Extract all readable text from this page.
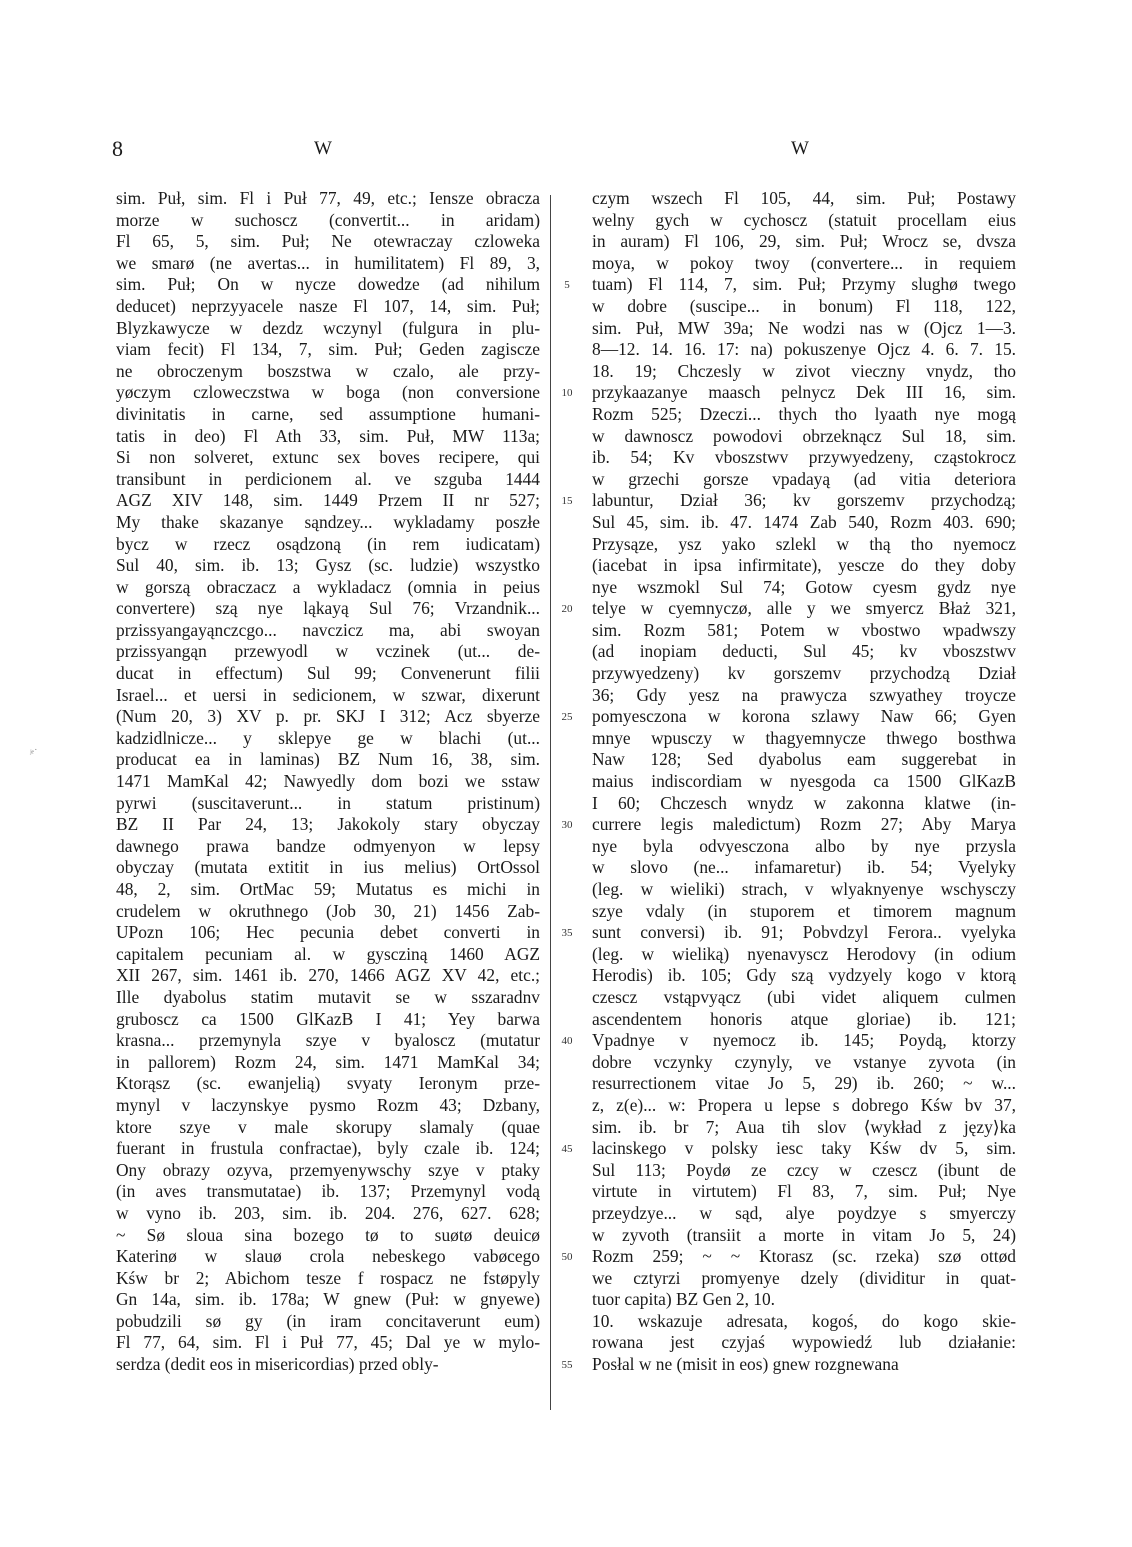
8	W	W
ʲᵉ˙
sim. Puł, sim. Fl i Puł 77, 49, etc.; Iensze obracza
morze w suchoscz (convertit... in aridam)
Fl 65, 5, sim. Puł; Ne otewraczay czloweka
we smarø (ne avertas... in humilitatem) Fl 89, 3,
sim. Puł; On w nycze dowedze (ad nihilum
deducet) neprzyyacele nasze Fl 107, 14, sim. Puł;
Blyzkawycze w dezdz wczynyl (fulgura in plu-
viam fecit) Fl 134, 7, sim. Puł; Geden zagiscze
ne obroczenym boszstwa w czalo, ale przy-
yøczym czloweczstwa w boga (non conversione
divinitatis in carne, sed assumptione humani-
tatis in deo) Fl Ath 33, sim. Puł, MW 113a;
Si non solveret, extunc sex boves recipere, qui
transibunt in perdicionem al. ve szguba 1444
AGZ XIV 148, sim. 1449 Przem II nr 527;
My thake skazanye sąndzey... wykladamy poszłe
bycz w rzecz osądzoną (in rem iudicatam)
Sul 40, sim. ib. 13; Gysz (sc. ludzie) wszystko
w gorszą obraczacz a wykladacz (omnia in peius
convertere) szą nye ląkayą Sul 76; Vrzandnik...
przissyangayąnczcgo... navczicz ma, abi swoyan
przissyangąn przewyodl w vczinek (ut... de-
ducat in effectum) Sul 99; Convenerunt filii
Israel... et uersi in sedicionem, w szwar, dixerunt
(Num 20, 3) XV p. pr. SKJ I 312; Acz sbyerze
kadzidlnicze... y sklepye ge w blachi (ut...
producat ea in laminas) BZ Num 16, 38, sim.
1471 MamKal 42; Nawyedly dom bozi we sstaw
pyrwi (suscitaverunt... in statum pristinum)
BZ II Par 24, 13; Jakokoly stary obyczay
dawnego prawa bandze odmyenyon w lepsy
obyczay (mutata extitit in ius melius) OrtOssol
48, 2, sim. OrtMac 59; Mutatus es michi in
crudelem w okruthnego (Job 30, 21) 1456 Zab-
UPozn 106; Hec pecunia debet converti in
capitalem pecuniam al. w gyscziną 1460 AGZ
XII 267, sim. 1461 ib. 270, 1466 AGZ XV 42, etc.;
Ille dyabolus statim mutavit se w sszaradnv
gruboscz ca 1500 GlKazB I 41; Yey barwa
krasna... przemynyla szye v byaloscz (mutatur
in pallorem) Rozm 24, sim. 1471 MamKal 34;
Ktorąsz (sc. ewanjelią) svyaty Ieronym prze-
mynyl v laczynskye pysmo Rozm 43; Dzbany,
ktore szye v male skorupy slamaly (quae
fuerant in frustula confractae), byly czale ib. 124;
Ony obrazy ozyva, przemyenywschy szye v ptaky
(in aves transmutatae) ib. 137; Przemynyl vodą
w vyno ib. 203, sim. ib. 204. 276, 627. 628;
~ Sø sloua sina bozego tø to suøtø deuicø
Katerinø w slauø crola nebeskego vabøcego
Kśw br 2; Abichom tesze f rospacz ne fstøpyly
Gn 14a, sim. ib. 178a; W gnew (Puł: w gnyewe)
pobudzili sø gy (in iram concitaverunt eum)
Fl 77, 64, sim. Fl i Puł 77, 45; Dal ye w mylo-
serdza (dedit eos in misericordias) przed obly-
5
10
15
20
25
30
35
40
45
50
55
czym wszech Fl 105, 44, sim. Puł; Postawy
welny gych w cychoscz (statuit procellam eius
in auram) Fl 106, 29, sim. Puł; Wrocz se, dvsza
moya, w pokoy twoy (convertere... in requiem
tuam) Fl 114, 7, sim. Puł; Przymy slughø twego
w dobre (suscipe... in bonum) Fl 118, 122,
sim. Puł, MW 39a; Ne wodzi nas w (Ojcz 1—3.
8—12. 14. 16. 17: na) pokuszenye Ojcz 4. 6. 7. 15.
18. 19; Chczesly w zivot vieczny vnydz, tho
przykaazanye maasch pelnycz Dek III 16, sim.
Rozm 525; Dzeczi... thych tho lyaath nye mogą
w dawnoscz powodovi obrzeknącz Sul 18, sim.
ib. 54; Kv vboszstwv przywyedzeny, cząstokrocz
w grzechi gorsze vpadayą (ad vitia deteriora
labuntur, Dział 36; kv gorszemv przychodzą;
Sul 45, sim. ib. 47. 1474 Zab 540, Rozm 403. 690;
Przysąze, ysz yako szlekl w thą tho nyemocz
(iacebat in ipsa infirmitate), yescze do they doby
nye wszmokl Sul 74; Gotow cyesm gydz nye
telye w cyemnyczø, alle y we smyercz Błaż 321,
sim. Rozm 581; Potem w vbostwo wpadwszy
(ad inopiam deducti, Sul 45; kv vboszstwv
przywyedzeny) kv gorszemv przychodzą Dział
36; Gdy yesz na prawycza szwyathey troycze
pomyesczona w korona szlawy Naw 66; Gyen
mnye wpusczy w thagyemnycze thwego bosthwa
Naw 128; Sed dyabolus eam suggerebat in
maius indiscordiam w nyesgoda ca 1500 GlKazB
I 60; Chczesch wnydz w zakonna klatwe (in-
currere legis maledictum) Rozm 27; Aby Marya
nye byla odvyesczona albo by nye przysla
w slovo (ne... infamaretur) ib. 54; Vyelyky
(leg. w wieliki) strach, v wlyaknyenye wschysczy
szye vdaly (in stuporem et timorem magnum
sunt conversi) ib. 91; Pobvdzyl Ferora.. vyelyka
(leg. w wieliką) nyenavyscz Herodovy (in odium
Herodis) ib. 105; Gdy szą vydzyely kogo v ktorą
czescz vstąpvyącz (ubi videt aliquem culmen
ascendentem honoris atque gloriae) ib. 121;
Vpadnye v nyemocz ib. 145; Poydą, ktorzy
dobre vczynky czynyly, ve vstanye zyvota (in
resurrectionem vitae Jo 5, 29) ib. 260; ~ w...
z, z(e)... w: Propera u lepse s dobrego Kśw bv 37,
sim. ib. br 7; Aua tih slov ⟨wykład z języ⟩ka
lacinskego v polsky iesc taky Kśw dv 5, sim.
Sul 113; Poydø ze czcy w czescz (ibunt de
virtute in virtutem) Fl 83, 7, sim. Puł; Nye
przeydzye... w sąd, alye poydzye s smyerczy
w zyvoth (transiit a morte in vitam Jo 5, 24)
Rozm 259; ~ ~ Ktorasz (sc. rzeka) szø ottød
we cztyrzi promyenye dzely (dividitur in quat-
tuor capita) BZ Gen 2, 10.
10. wskazuje adresata, kogoś, do kogo skie-
rowana jest czyjaś wypowiedź lub działanie:
Posłal w ne (misit in eos) gnew rozgnewana
